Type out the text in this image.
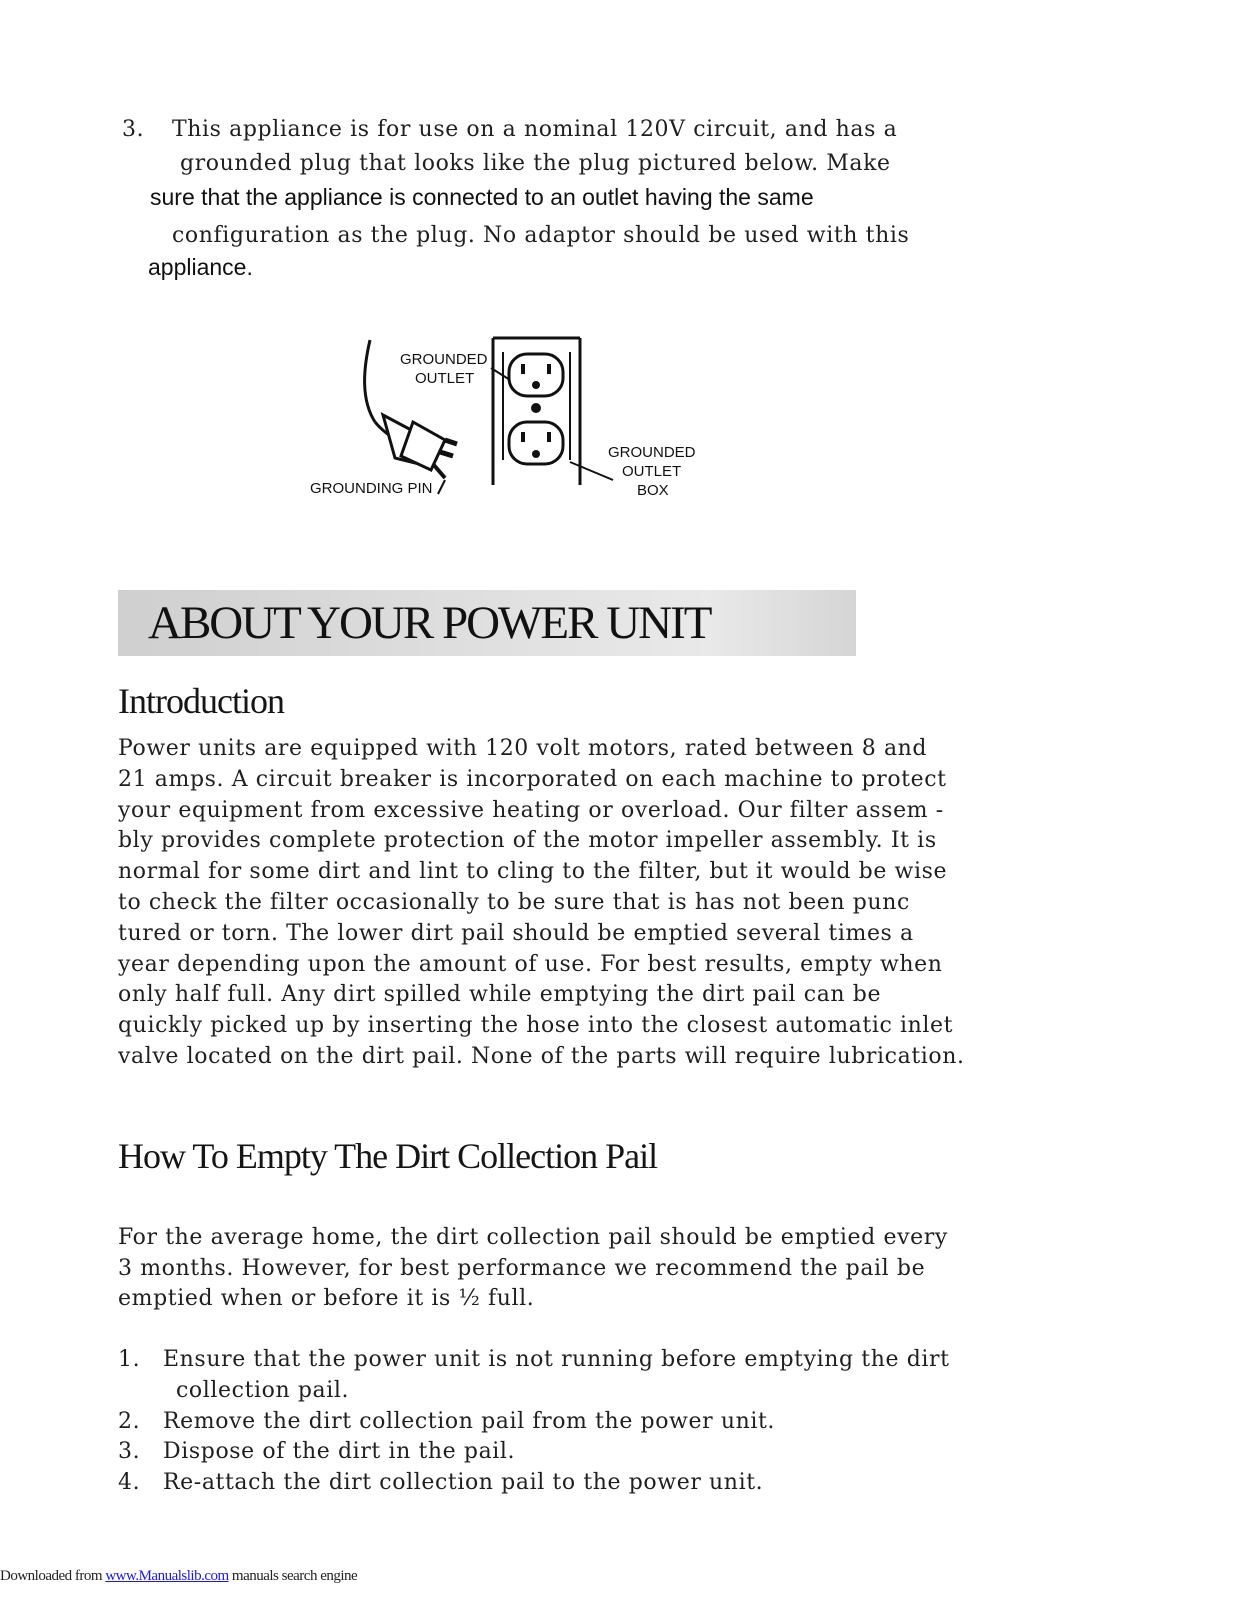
3. This appliance is for use on a nominal 120V circuit, and has a
grounded plug that looks like the plug pictured below. Make
sure that the appliance is connected to an outlet having the same
configuration as the plug. No adaptor should be used with this
appliance.
GROUNDED
OUTLET
GROUNDING PIN
GROUNDED
OUTLET
BOX
ABOUT YOUR POWER UNIT
Introduction
Power units are equipped with 120 volt motors, rated between 8 and
21 amps. A circuit breaker is incorporated on each machine to protect
your equipment from excessive heating or overload. Our filter assem -
bly provides complete protection of the motor impeller assembly. It is
normal for some dirt and lint to cling to the filter, but it would be wise
to check the filter occasionally to be sure that is has not been punc
tured or torn. The lower dirt pail should be emptied several times a
year depending upon the amount of use. For best results, empty when
only half full. Any dirt spilled while emptying the dirt pail can be
quickly picked up by inserting the hose into the closest automatic inlet
valve located on the dirt pail. None of the parts will require lubrication.
How To Empty The Dirt Collection Pail
For the average home, the dirt collection pail should be emptied every
3 months. However, for best performance we recommend the pail be
emptied when or before it is ½ full.
1. Ensure that the power unit is not running before emptying the dirt
collection pail.
2. Remove the dirt collection pail from the power unit.
3. Dispose of the dirt in the pail.
4. Re-attach the dirt collection pail to the power unit.
Downloaded from www.Manualslib.com manuals search engine
